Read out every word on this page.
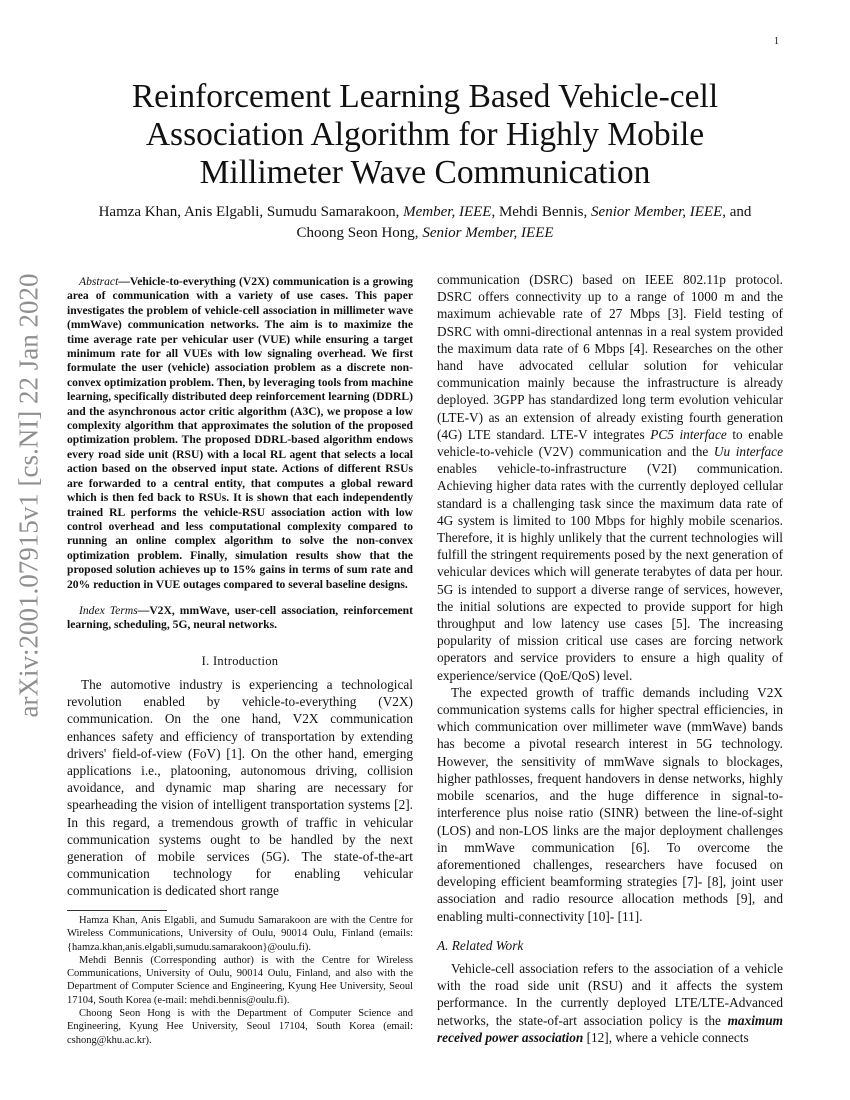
1
arXiv:2001.07915v1 [cs.NI] 22 Jan 2020
Reinforcement Learning Based Vehicle-cell Association Algorithm for Highly Mobile Millimeter Wave Communication
Hamza Khan, Anis Elgabli, Sumudu Samarakoon, Member, IEEE, Mehdi Bennis, Senior Member, IEEE, and
Choong Seon Hong, Senior Member, IEEE

Abstract—Vehicle-to-everything (V2X) communication is a growing area of communication with a variety of use cases. This paper investigates the problem of vehicle-cell association in millimeter wave (mmWave) communication networks. The aim is to maximize the time average rate per vehicular user (VUE) while ensuring a target minimum rate for all VUEs with low signaling overhead. We first formulate the user (vehicle) association problem as a discrete non-convex optimization problem. Then, by leveraging tools from machine learning, specifically distributed deep reinforcement learning (DDRL) and the asynchronous actor critic algorithm (A3C), we propose a low complexity algorithm that approximates the solution of the proposed optimization problem. The proposed DDRL-based algorithm endows every road side unit (RSU) with a local RL agent that selects a local action based on the observed input state. Actions of different RSUs are forwarded to a central entity, that computes a global reward which is then fed back to RSUs. It is shown that each independently trained RL performs the vehicle-RSU association action with low control overhead and less computational complexity compared to running an online complex algorithm to solve the non-convex optimization problem. Finally, simulation results show that the proposed solution achieves up to 15% gains in terms of sum rate and 20% reduction in VUE outages compared to several baseline designs.

Index Terms—V2X, mmWave, user-cell association, reinforcement learning, scheduling, 5G, neural networks.

I. Introduction

The automotive industry is experiencing a technological revolution enabled by vehicle-to-everything (V2X) communication. On the one hand, V2X communication enhances safety and efficiency of transportation by extending drivers' field-of-view (FoV) [1]. On the other hand, emerging applications i.e., platooning, autonomous driving, collision avoidance, and dynamic map sharing are necessary for spearheading the vision of intelligent transportation systems [2]. In this regard, a tremendous growth of traffic in vehicular communication systems ought to be handled by the next generation of mobile services (5G). The state-of-the-art communication technology for enabling vehicular communication is dedicated short range

Hamza Khan, Anis Elgabli, and Sumudu Samarakoon are with the Centre for Wireless Communications, University of Oulu, 90014 Oulu, Finland (emails: {hamza.khan,anis.elgabli,sumudu.samarakoon}@oulu.fi).

Mehdi Bennis (Corresponding author) is with the Centre for Wireless Communications, University of Oulu, 90014 Oulu, Finland, and also with the Department of Computer Science and Engineering, Kyung Hee University, Seoul 17104, South Korea (e-mail: mehdi.bennis@oulu.fi).

Choong Seon Hong is with the Department of Computer Science and Engineering, Kyung Hee University, Seoul 17104, South Korea (email: cshong@khu.ac.kr).

communication (DSRC) based on IEEE 802.11p protocol. DSRC offers connectivity up to a range of 1000 m and the maximum achievable rate of 27 Mbps [3]. Field testing of DSRC with omni-directional antennas in a real system provided the maximum data rate of 6 Mbps [4]. Researches on the other hand have advocated cellular solution for vehicular communication mainly because the infrastructure is already deployed. 3GPP has standardized long term evolution vehicular (LTE-V) as an extension of already existing fourth generation (4G) LTE standard. LTE-V integrates PC5 interface to enable vehicle-to-vehicle (V2V) communication and the Uu interface enables vehicle-to-infrastructure (V2I) communication. Achieving higher data rates with the currently deployed cellular standard is a challenging task since the maximum data rate of 4G system is limited to 100 Mbps for highly mobile scenarios. Therefore, it is highly unlikely that the current technologies will fulfill the stringent requirements posed by the next generation of vehicular devices which will generate terabytes of data per hour. 5G is intended to support a diverse range of services, however, the initial solutions are expected to provide support for high throughput and low latency use cases [5]. The increasing popularity of mission critical use cases are forcing network operators and service providers to ensure a high quality of experience/service (QoE/QoS) level.

The expected growth of traffic demands including V2X communication systems calls for higher spectral efficiencies, in which communication over millimeter wave (mmWave) bands has become a pivotal research interest in 5G technology. However, the sensitivity of mmWave signals to blockages, higher pathlosses, frequent handovers in dense networks, highly mobile scenarios, and the huge difference in signal-to-interference plus noise ratio (SINR) between the line-of-sight (LOS) and non-LOS links are the major deployment challenges in mmWave communication [6]. To overcome the aforementioned challenges, researchers have focused on developing efficient beamforming strategies [7]- [8], joint user association and radio resource allocation methods [9], and enabling multi-connectivity [10]- [11].

A. Related Work

Vehicle-cell association refers to the association of a vehicle with the road side unit (RSU) and it affects the system performance. In the currently deployed LTE/LTE-Advanced networks, the state-of-art association policy is the maximum received power association [12], where a vehicle connects
